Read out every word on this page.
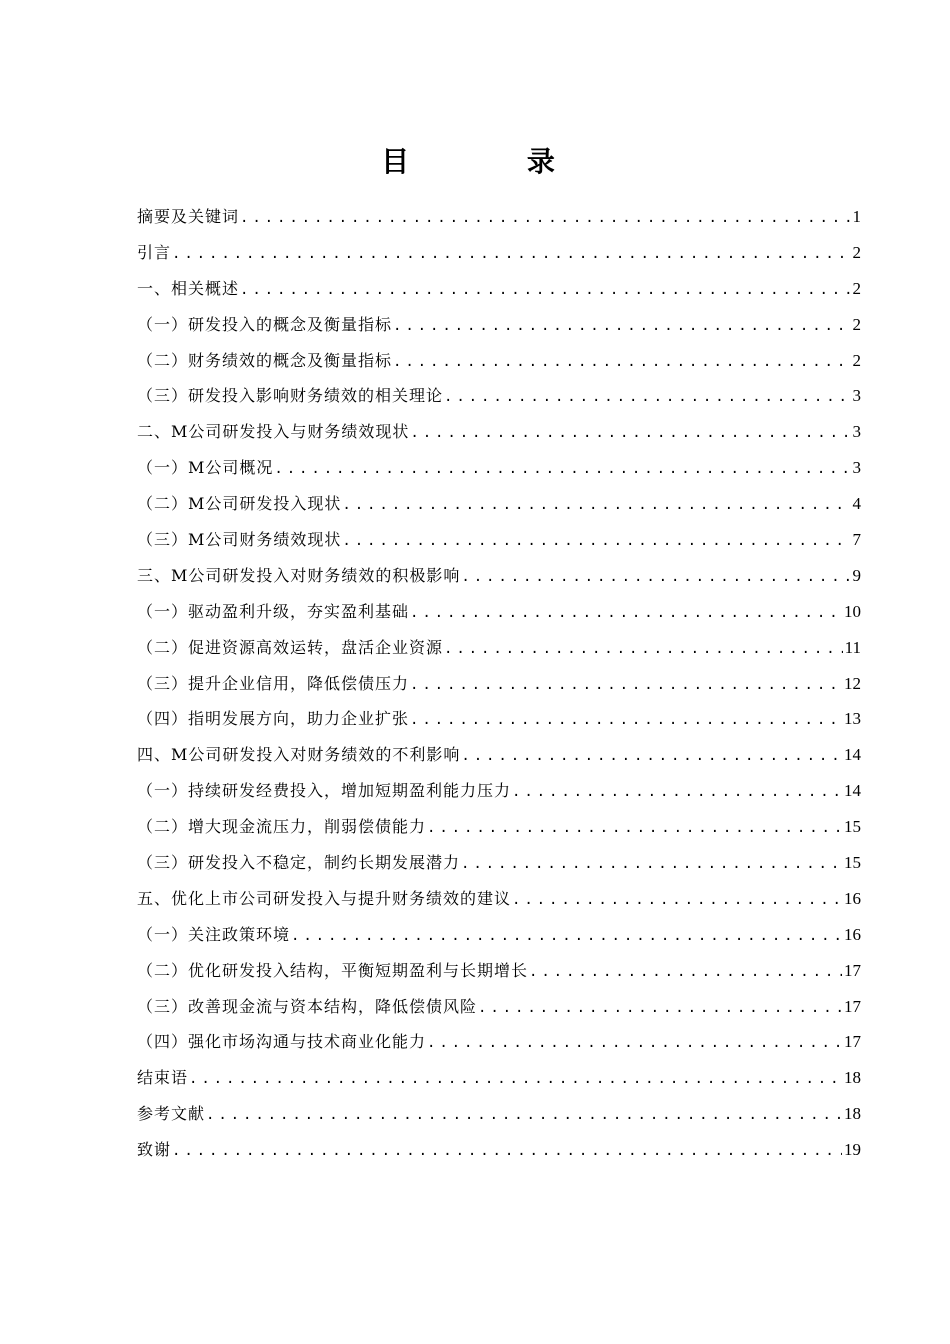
目 录
摘要及关键词 .....	1
引言 .....	2
一、相关概述 .....	2
（一）研发投入的概念及衡量指标 .....	2
（二）财务绩效的概念及衡量指标 .....	2
（三）研发投入影响财务绩效的相关理论 .....	3
二、M公司研发投入与财务绩效现状 .....	3
（一）M公司概况 .....	3
（二）M公司研发投入现状 .....	4
（三）M公司财务绩效现状 .....	7
三、M公司研发投入对财务绩效的积极影响 .....	9
（一）驱动盈利升级，夯实盈利基础 .....	10
（二）促进资源高效运转，盘活企业资源 .....	11
（三）提升企业信用，降低偿债压力 .....	12
（四）指明发展方向，助力企业扩张 .....	13
四、M公司研发投入对财务绩效的不利影响 .....	14
（一）持续研发经费投入，增加短期盈利能力压力 .....	14
（二）增大现金流压力，削弱偿债能力 .....	15
（三）研发投入不稳定，制约长期发展潜力 .....	15
五、优化上市公司研发投入与提升财务绩效的建议 .....	16
（一）关注政策环境 .....	16
（二）优化研发投入结构，平衡短期盈利与长期增长 .....	17
（三）改善现金流与资本结构，降低偿债风险 .....	17
（四）强化市场沟通与技术商业化能力 .....	17
结束语 .....	18
参考文献 .....	18
致谢 .....	19
